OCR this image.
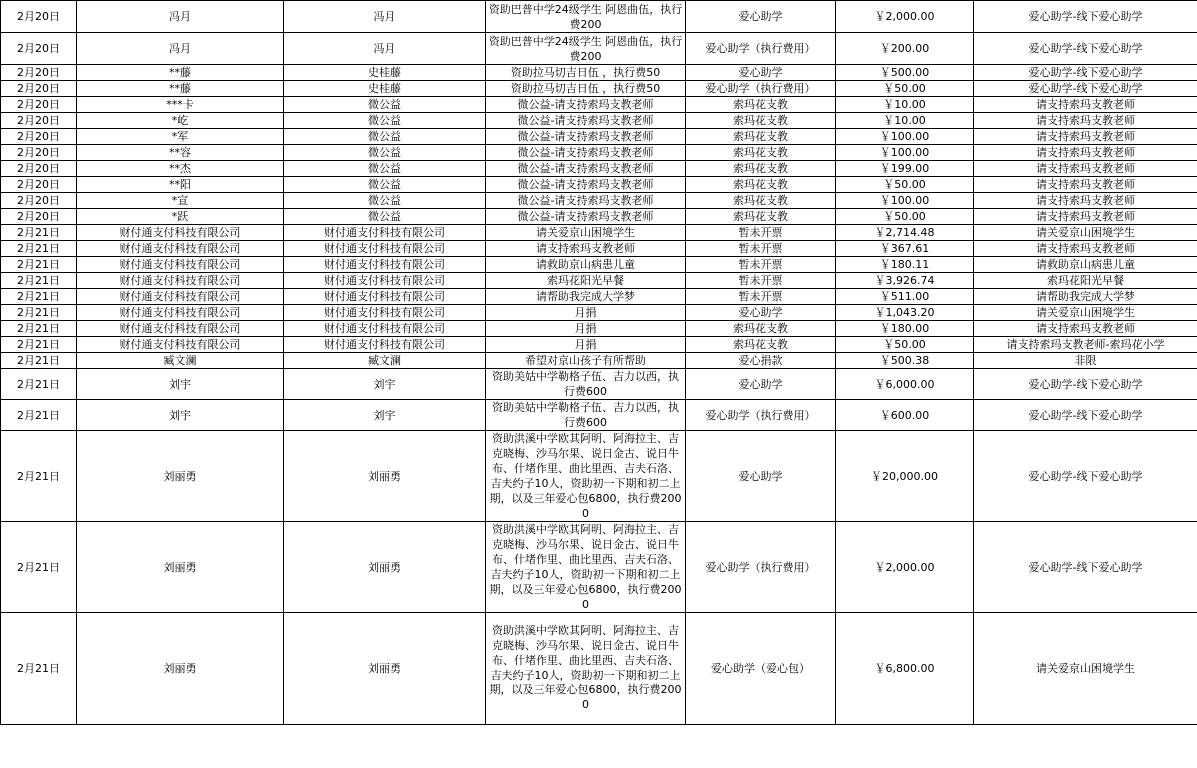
2月20日	冯月	冯月	资助巴普中学24级学生 阿恩曲伍，执行费200	爱心助学	￥2,000.00	爱心助学-线下爱心助学
2月20日	冯月	冯月	资助巴普中学24级学生 阿恩曲伍，执行费200	爱心助学（执行费用）	￥200.00	爱心助学-线下爱心助学
2月20日	**藤	史桂藤	资助拉马切吉日伍 ，执行费50	爱心助学	￥500.00	爱心助学-线下爱心助学
2月20日	**藤	史桂藤	资助拉马切吉日伍 ，执行费50	爱心助学（执行费用）	￥50.00	爱心助学-线下爱心助学
2月20日	***卡	微公益	微公益-请支持索玛支教老师	索玛花支教	￥10.00	请支持索玛支教老师
2月20日	*屹	微公益	微公益-请支持索玛支教老师	索玛花支教	￥10.00	请支持索玛支教老师
2月20日	*军	微公益	微公益-请支持索玛支教老师	索玛花支教	￥100.00	请支持索玛支教老师
2月20日	**容	微公益	微公益-请支持索玛支教老师	索玛花支教	￥100.00	请支持索玛支教老师
2月20日	**杰	微公益	微公益-请支持索玛支教老师	索玛花支教	￥199.00	请支持索玛支教老师
2月20日	**阳	微公益	微公益-请支持索玛支教老师	索玛花支教	￥50.00	请支持索玛支教老师
2月20日	*宣	微公益	微公益-请支持索玛支教老师	索玛花支教	￥100.00	请支持索玛支教老师
2月20日	*跃	微公益	微公益-请支持索玛支教老师	索玛花支教	￥50.00	请支持索玛支教老师
2月21日	财付通支付科技有限公司	财付通支付科技有限公司	请关爱京山困境学生	暂未开票	￥2,714.48	请关爱京山困境学生
2月21日	财付通支付科技有限公司	财付通支付科技有限公司	请支持索玛支教老师	暂未开票	￥367.61	请支持索玛支教老师
2月21日	财付通支付科技有限公司	财付通支付科技有限公司	请救助京山病患儿童	暂未开票	￥180.11	请救助京山病患儿童
2月21日	财付通支付科技有限公司	财付通支付科技有限公司	索玛花阳光早餐	暂未开票	￥3,926.74	索玛花阳光早餐
2月21日	财付通支付科技有限公司	财付通支付科技有限公司	请帮助我完成大学梦	暂未开票	￥511.00	请帮助我完成大学梦
2月21日	财付通支付科技有限公司	财付通支付科技有限公司	月捐	爱心助学	￥1,043.20	请关爱京山困境学生
2月21日	财付通支付科技有限公司	财付通支付科技有限公司	月捐	索玛花支教	￥180.00	请支持索玛支教老师
2月21日	财付通支付科技有限公司	财付通支付科技有限公司	月捐	索玛花支教	￥50.00	请支持索玛支教老师-索玛花小学
2月21日	臧文澜	臧文澜	希望对京山孩子有所帮助	爱心捐款	￥500.38	非限
2月21日	刘宇	刘宇	资助美姑中学勒格子伍、吉力以西，执行费600	爱心助学	￥6,000.00	爱心助学-线下爱心助学
2月21日	刘宇	刘宇	资助美姑中学勒格子伍、吉力以西，执行费600	爱心助学（执行费用）	￥600.00	爱心助学-线下爱心助学
2月21日	刘丽勇	刘丽勇	资助洪溪中学欧其阿明、阿海拉主、吉克晓梅、沙马尔果、说日金古、说日牛布、什堵作里、曲比里西、吉夫石洛、吉夫约子10人，资助初一下期和初二上期，以及三年爱心包6800，执行费2000	爱心助学	￥20,000.00	爱心助学-线下爱心助学
2月21日	刘丽勇	刘丽勇	资助洪溪中学欧其阿明、阿海拉主、吉克晓梅、沙马尔果、说日金古、说日牛布、什堵作里、曲比里西、吉夫石洛、吉夫约子10人，资助初一下期和初二上期，以及三年爱心包6800，执行费2000	爱心助学（执行费用）	￥2,000.00	爱心助学-线下爱心助学
2月21日	刘丽勇	刘丽勇	资助洪溪中学欧其阿明、阿海拉主、吉克晓梅、沙马尔果、说日金古、说日牛布、什堵作里、曲比里西、吉夫石洛、吉夫约子10人，资助初一下期和初二上期，以及三年爱心包6800，执行费2000	爱心助学（爱心包）	￥6,800.00	请关爱京山困境学生
